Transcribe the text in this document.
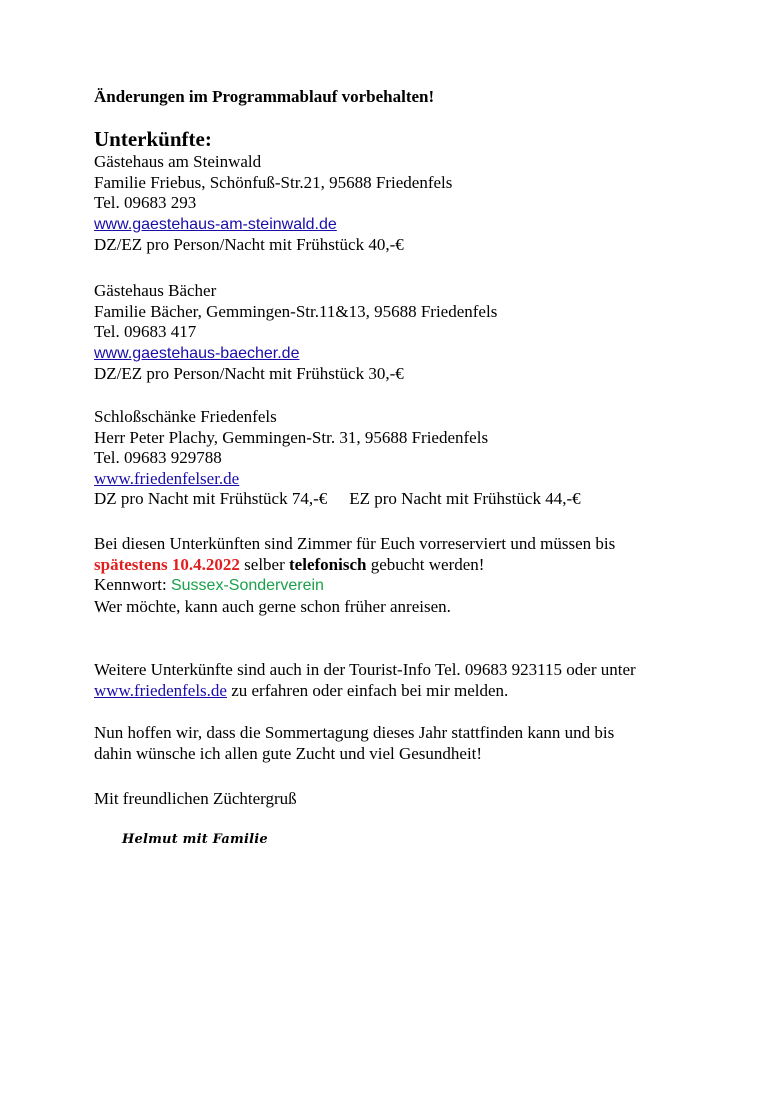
Änderungen im Programmablauf vorbehalten!
Unterkünfte:
Gästehaus am Steinwald
Familie Friebus, Schönfuß-Str.21, 95688 Friedenfels
Tel. 09683 293
www.gaestehaus-am-steinwald.de
DZ/EZ pro Person/Nacht mit Frühstück 40,-€
Gästehaus Bächer
Familie Bächer, Gemmingen-Str.11&13, 95688 Friedenfels
Tel. 09683 417
www.gaestehaus-baecher.de
DZ/EZ pro Person/Nacht mit Frühstück 30,-€
Schloßschänke Friedenfels
Herr Peter Plachy, Gemmingen-Str. 31, 95688 Friedenfels
Tel. 09683 929788
www.friedenfelser.de
DZ pro Nacht mit Frühstück 74,-€ EZ pro Nacht mit Frühstück 44,-€
Bei diesen Unterkünften sind Zimmer für Euch vorreserviert und müssen bis
spätestens 10.4.2022 selber telefonisch gebucht werden!
Kennwort: Sussex-Sonderverein
Wer möchte, kann auch gerne schon früher anreisen.
Weitere Unterkünfte sind auch in der Tourist-Info Tel. 09683 923115 oder unter
www.friedenfels.de zu erfahren oder einfach bei mir melden.
Nun hoffen wir, dass die Sommertagung dieses Jahr stattfinden kann und bis
dahin wünsche ich allen gute Zucht und viel Gesundheit!
Mit freundlichen Züchtergruß
Helmut mit Familie
